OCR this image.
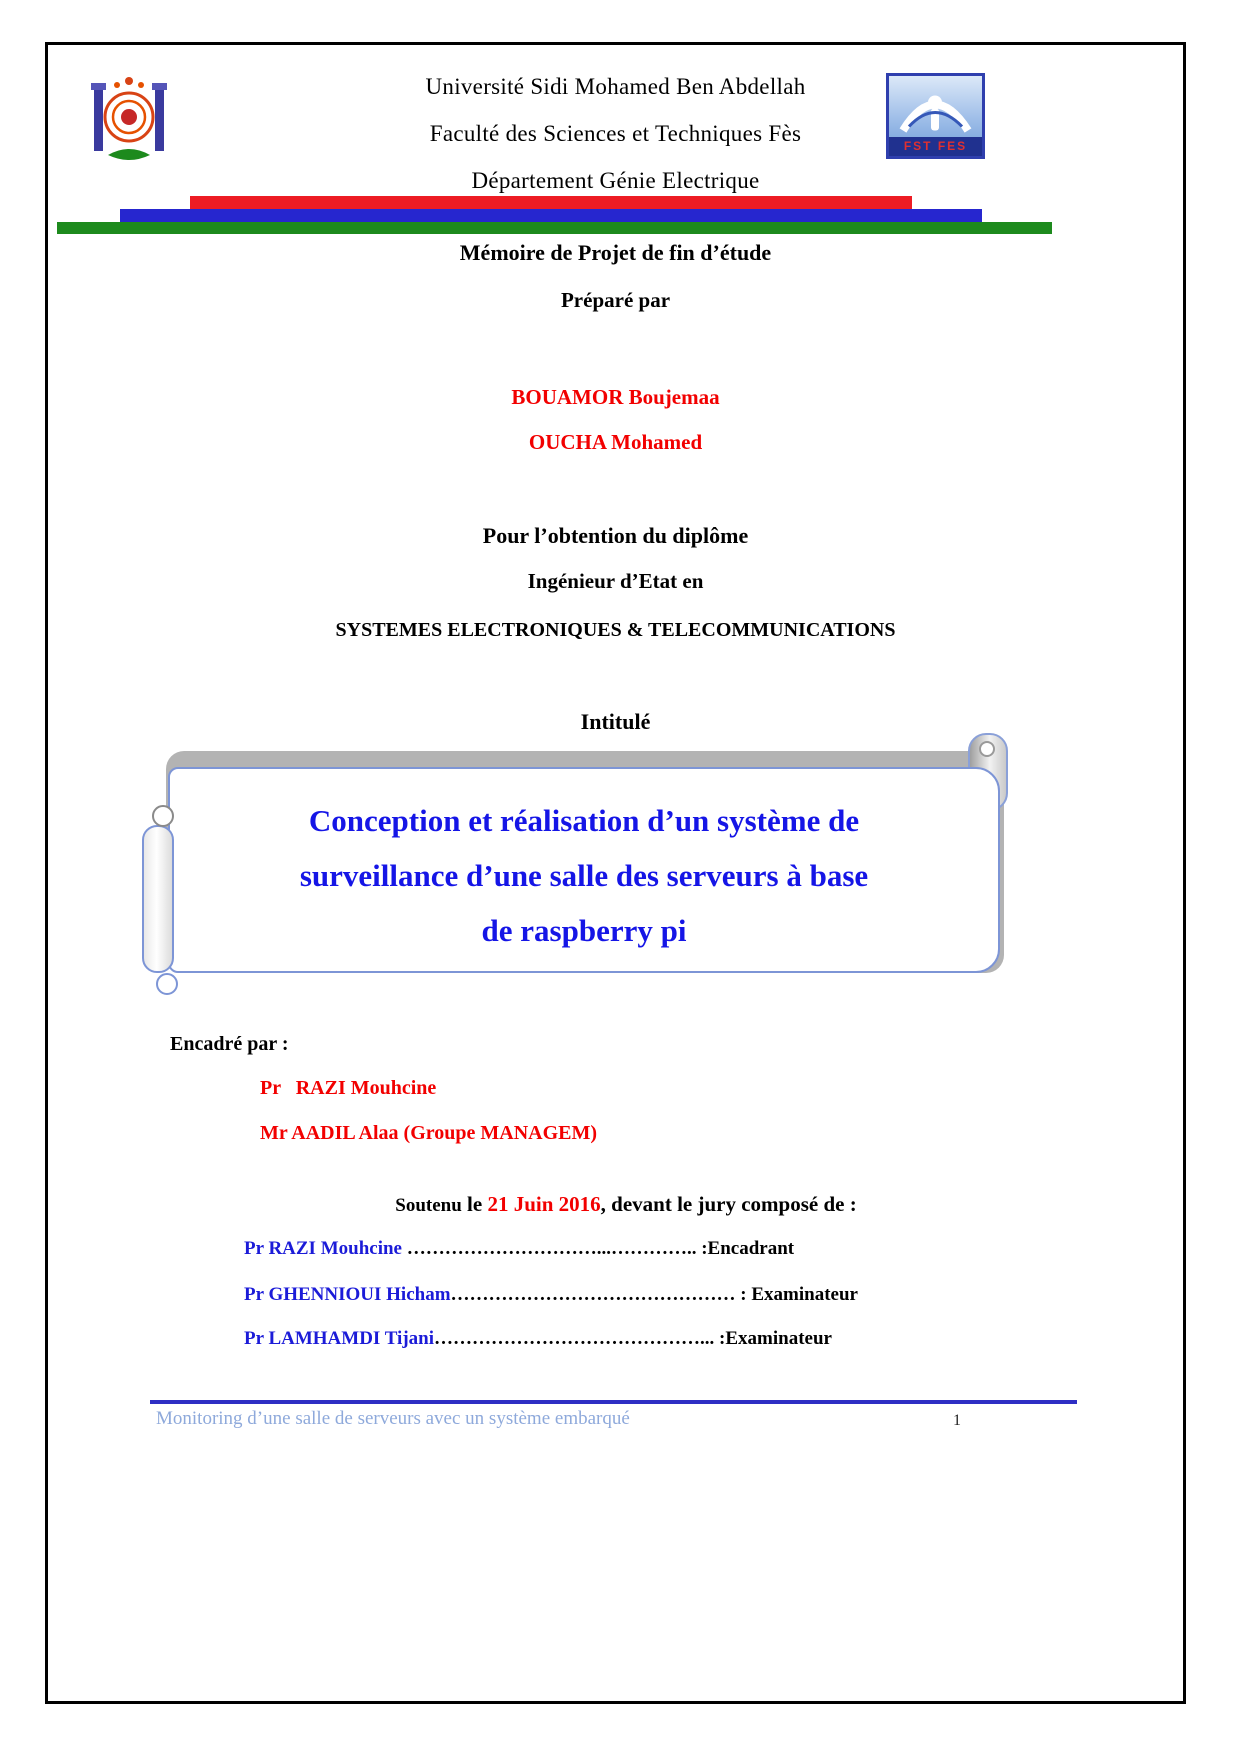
FST FES
Université Sidi Mohamed Ben Abdellah
Faculté des Sciences et Techniques Fès
Département Génie Electrique
Mémoire de Projet de fin d’étude
Préparé par
BOUAMOR Boujemaa
OUCHA Mohamed
Pour l’obtention du diplôme
Ingénieur d’Etat en
SYSTEMES ELECTRONIQUES & TELECOMMUNICATIONS
Intitulé
Conception et réalisation d’un système de
surveillance d’une salle des serveurs à base
de raspberry pi
Encadré par :
Pr   RAZI Mouhcine
Mr AADIL Alaa (Groupe MANAGEM)

Soutenu le 21 Juin 2016, devant le jury composé de :

Pr RAZI Mouhcine …………………………...………….. :Encadrant

Pr GHENNIOUI Hicham……………………………………… : Examinateur

Pr LAMHAMDI Tijani……………………………………... :Examinateur

Monitoring d’une salle de serveurs avec un système embarqué	1
